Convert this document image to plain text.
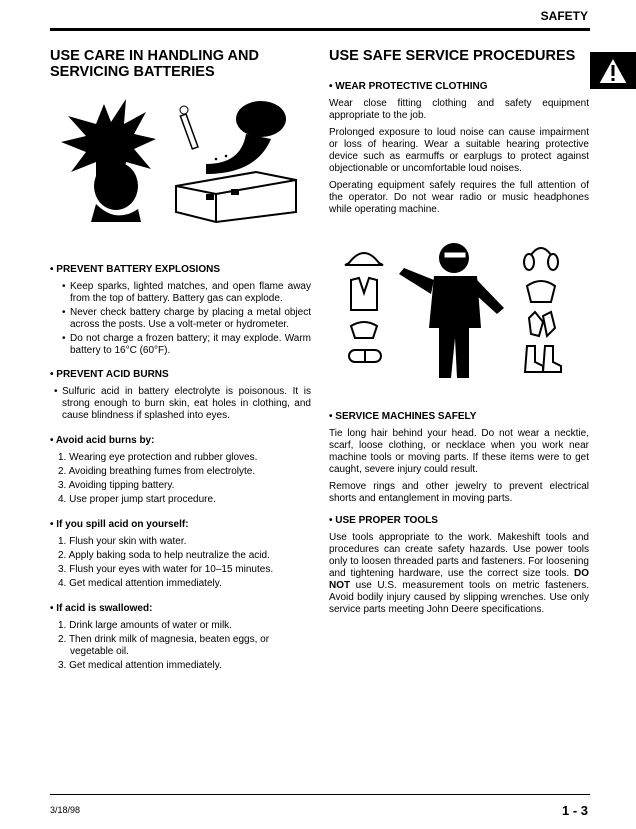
SAFETY
USE CARE IN HANDLING AND SERVICING BATTERIES
• PREVENT BATTERY EXPLOSIONS
• Keep sparks, lighted matches, and open flame away from the top of battery. Battery gas can explode.
• Never check battery charge by placing a metal object across the posts. Use a volt-meter or hydrometer.
• Do not charge a frozen battery; it may explode. Warm battery to 16°C (60°F).
• PREVENT ACID BURNS
• Sulfuric acid in battery electrolyte is poisonous. It is strong enough to burn skin, eat holes in clothing, and cause blindness if splashed into eyes.
• Avoid acid burns by:
1. Wearing eye protection and rubber gloves.
2. Avoiding breathing fumes from electrolyte.
3. Avoiding tipping battery.
4. Use proper jump start procedure.
• If you spill acid on yourself:
1. Flush your skin with water.
2. Apply baking soda to help neutralize the acid.
3. Flush your eyes with water for 10–15 minutes.
4. Get medical attention immediately.
• If acid is swallowed:
1. Drink large amounts of water or milk.
2. Then drink milk of magnesia, beaten eggs, or vegetable oil.
3. Get medical attention immediately.
USE SAFE SERVICE PROCEDURES
• WEAR PROTECTIVE CLOTHING

Wear close fitting clothing and safety equipment appropriate to the job.

Prolonged exposure to loud noise can cause impairment or loss of hearing. Wear a suitable hearing protective device such as earmuffs or earplugs to protect against objectionable or uncomfortable loud noises.

Operating equipment safely requires the full attention of the operator. Do not wear radio or music headphones while operating machine.

• SERVICE MACHINES SAFELY

Tie long hair behind your head. Do not wear a necktie, scarf, loose clothing, or necklace when you work near machine tools or moving parts. If these items were to get caught, severe injury could result.

Remove rings and other jewelry to prevent electrical shorts and entanglement in moving parts.

• USE PROPER TOOLS

Use tools appropriate to the work. Makeshift tools and procedures can create safety hazards. Use power tools only to loosen threaded parts and fasteners. For loosening and tightening hardware, use the correct size tools. DO NOT use U.S. measurement tools on metric fasteners. Avoid bodily injury caused by slipping wrenches. Use only service parts meeting John Deere specifications.

3/18/98	1 - 3
